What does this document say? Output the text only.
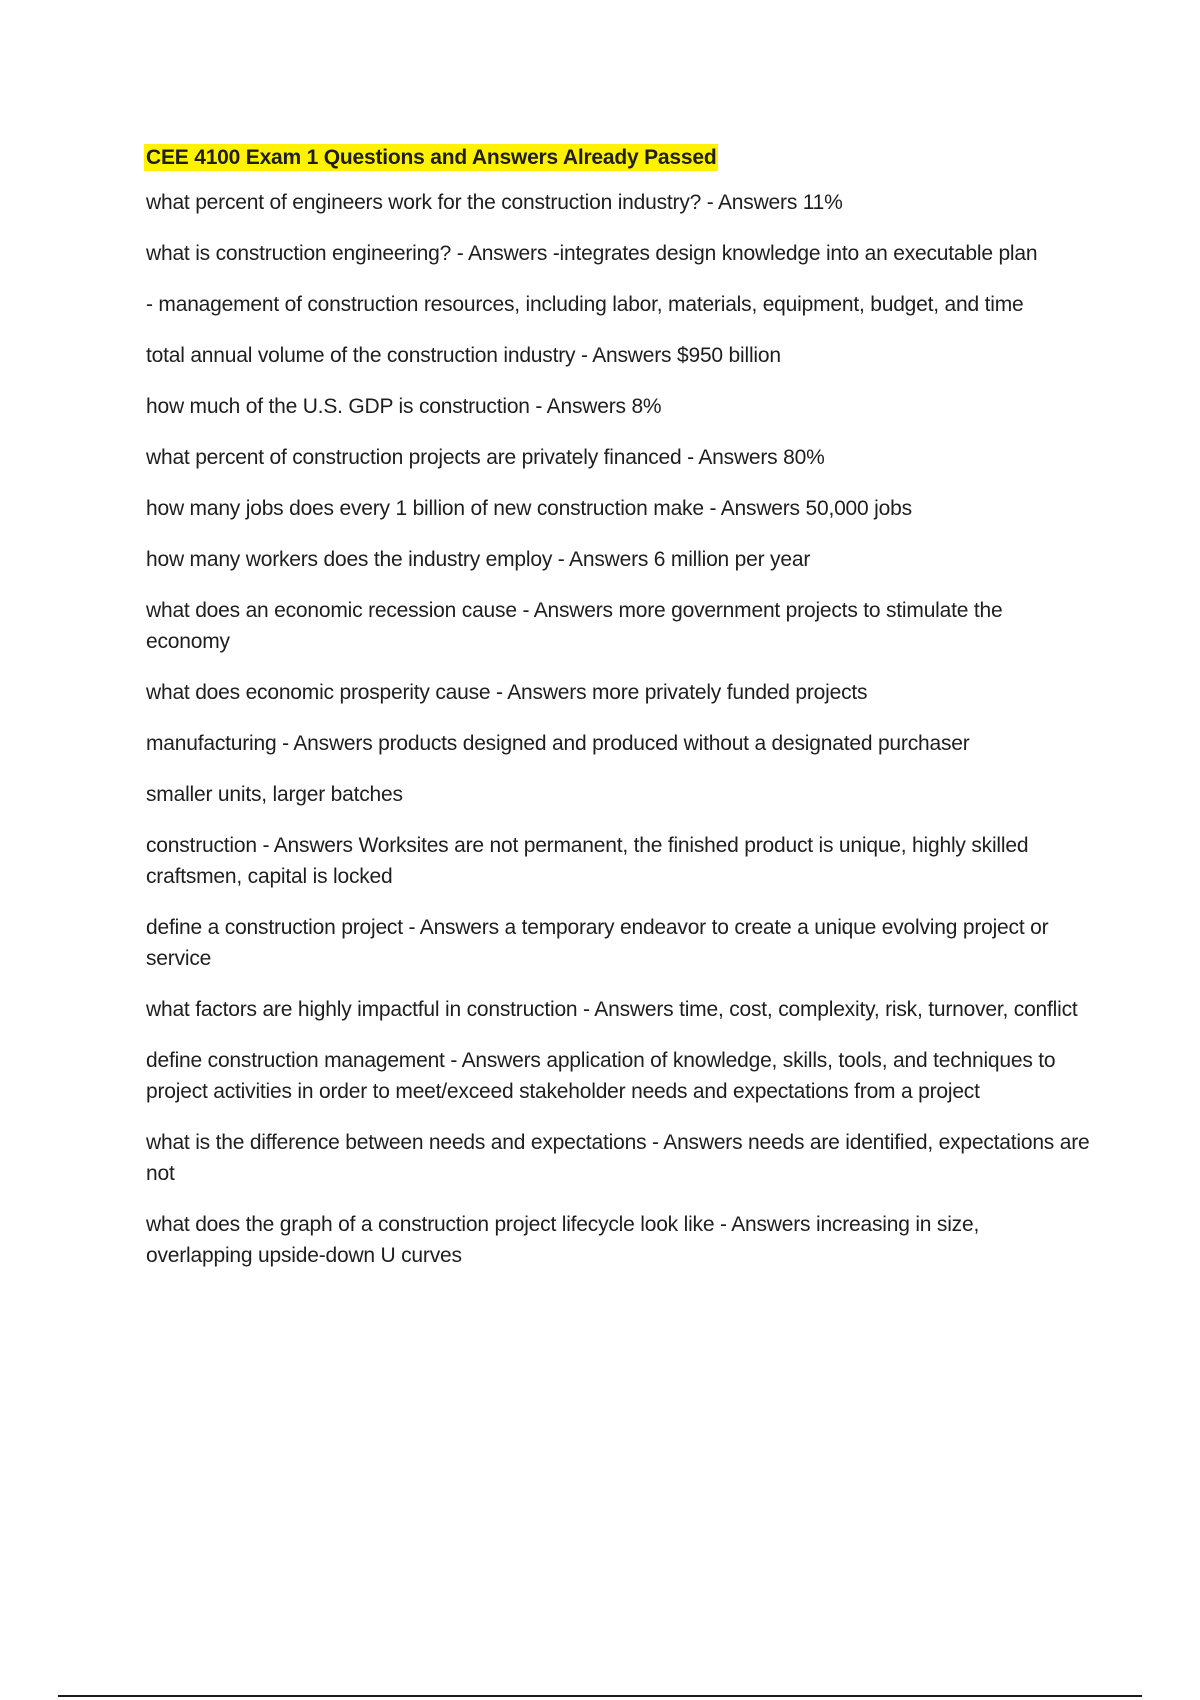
CEE 4100 Exam 1 Questions and Answers Already Passed
what percent of engineers work for the construction industry? - Answers 11%
what is construction engineering? - Answers -integrates design knowledge into an executable plan
- management of construction resources, including labor, materials, equipment, budget, and time
total annual volume of the construction industry - Answers $950 billion
how much of the U.S. GDP is construction - Answers 8%
what percent of construction projects are privately financed - Answers 80%
how many jobs does every 1 billion of new construction make - Answers 50,000 jobs
how many workers does the industry employ - Answers 6 million per year
what does an economic recession cause - Answers more government projects to stimulate the economy
what does economic prosperity cause - Answers more privately funded projects
manufacturing - Answers products designed and produced without a designated purchaser
smaller units, larger batches
construction - Answers Worksites are not permanent, the finished product is unique, highly skilled craftsmen, capital is locked
define a construction project - Answers a temporary endeavor to create a unique evolving project or service
what factors are highly impactful in construction - Answers time, cost, complexity, risk, turnover, conflict
define construction management - Answers application of knowledge, skills, tools, and techniques to project activities in order to meet/exceed stakeholder needs and expectations from a project
what is the difference between needs and expectations - Answers needs are identified, expectations are not
what does the graph of a construction project lifecycle look like - Answers increasing in size, overlapping upside-down U curves
